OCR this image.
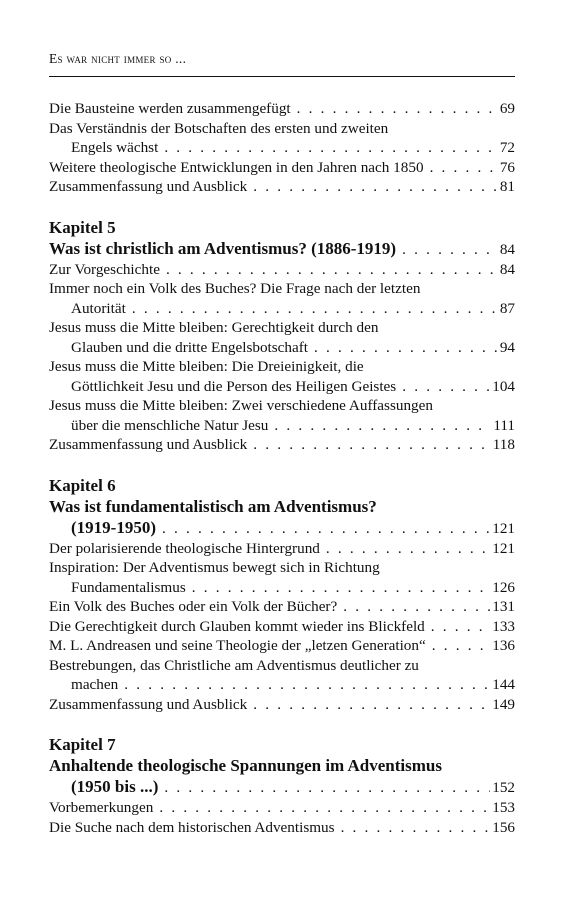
Es war nicht immer so ...
Die Bausteine werden zusammengefügt . . .	69
Das Verständnis der Botschaften des ersten und zweiten
Engels wächst . . .	72
Weitere theologische Entwicklungen in den Jahren nach 1850 . . .	76
Zusammenfassung und Ausblick . . .	81
Kapitel 5
Was ist christlich am Adventismus? (1886-1919) . . .	84
Zur Vorgeschichte . . .	84
Immer noch ein Volk des Buches? Die Frage nach der letzten
Autorität . . .	87
Jesus muss die Mitte bleiben: Gerechtigkeit durch den
Glauben und die dritte Engelsbotschaft . . .	94
Jesus muss die Mitte bleiben: Die Dreieinigkeit, die
Göttlichkeit Jesu und die Person des Heiligen Geistes . . .	104
Jesus muss die Mitte bleiben: Zwei verschiedene Auffassungen
über die menschliche Natur Jesu . . .	111
Zusammenfassung und Ausblick . . .	118
Kapitel 6
Was ist fundamentalistisch am Adventismus?
(1919-1950) . . .	121
Der polarisierende theologische Hintergrund . . .	121
Inspiration: Der Adventismus bewegt sich in Richtung
Fundamentalismus . . .	126
Ein Volk des Buches oder ein Volk der Bücher? . . .	131
Die Gerechtigkeit durch Glauben kommt wieder ins Blickfeld . . .	133
M. L. Andreasen und seine Theologie der „letzen Generation“ . . .	136
Bestrebungen, das Christliche am Adventismus deutlicher zu
machen . . .	144
Zusammenfassung und Ausblick . . .	149
Kapitel 7
Anhaltende theologische Spannungen im Adventismus
(1950 bis ...) . . .	152
Vorbemerkungen . . .	153
Die Suche nach dem historischen Adventismus . . .	156
